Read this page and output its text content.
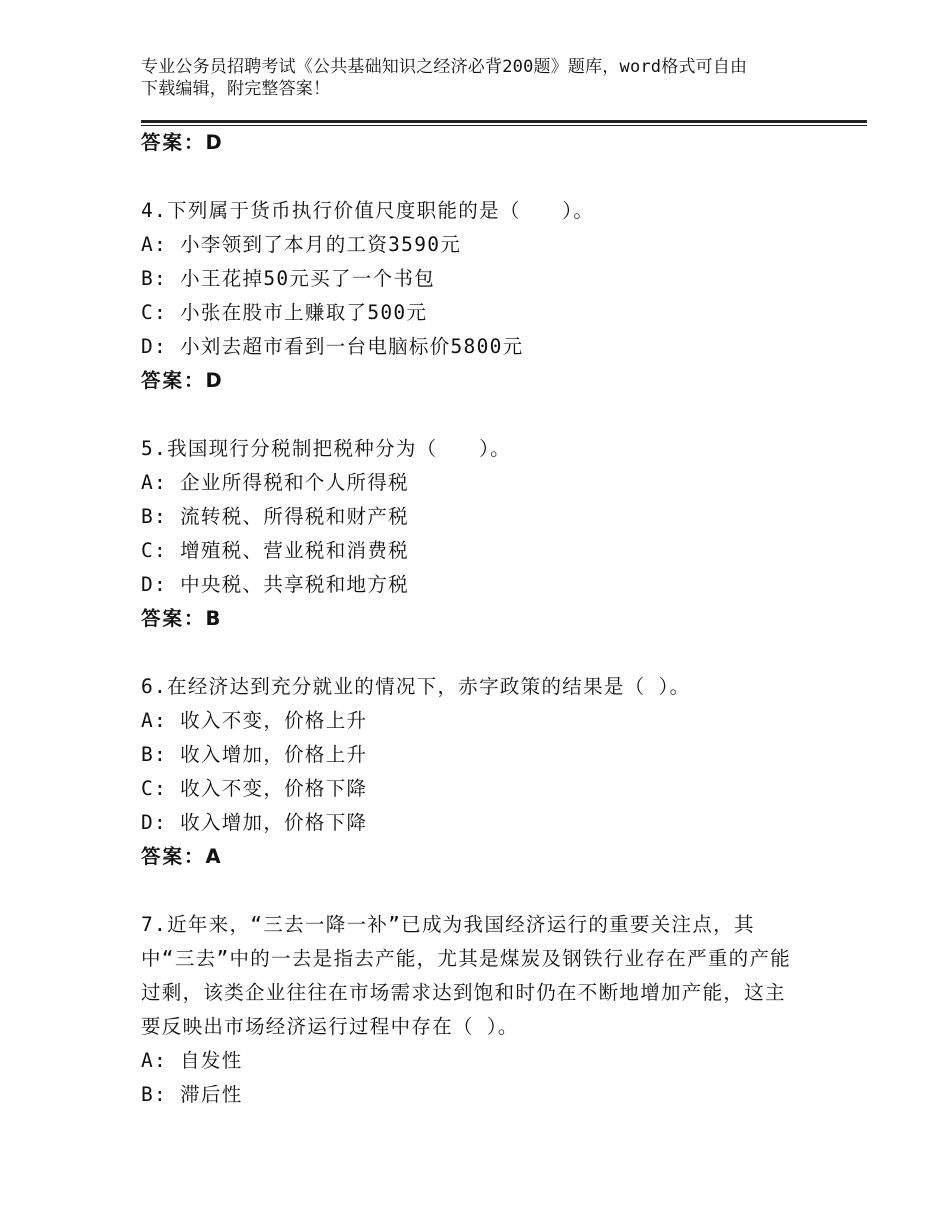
专业公务员招聘考试《公共基础知识之经济必背200题》题库，word格式可自由
下载编辑，附完整答案！
答案：D
4.下列属于货币执行价值尺度职能的是（　　）。
A: 小李领到了本月的工资3590元
B: 小王花掉50元买了一个书包
C: 小张在股市上赚取了500元
D: 小刘去超市看到一台电脑标价5800元
答案：D
5.我国现行分税制把税种分为（　　）。
A: 企业所得税和个人所得税
B: 流转税、所得税和财产税
C: 增殖税、营业税和消费税
D: 中央税、共享税和地方税
答案：B
6.在经济达到充分就业的情况下，赤字政策的结果是（ ）。
A: 收入不变，价格上升
B: 收入增加，价格上升
C: 收入不变，价格下降
D: 收入增加，价格下降
答案：A
7.近年来，“三去一降一补”已成为我国经济运行的重要关注点，其中“三去”中的一去是指去产能，尤其是煤炭及钢铁行业存在严重的产能过剩，该类企业往往在市场需求达到饱和时仍在不断地增加产能，这主要反映出市场经济运行过程中存在（ ）。
A: 自发性
B: 滞后性
